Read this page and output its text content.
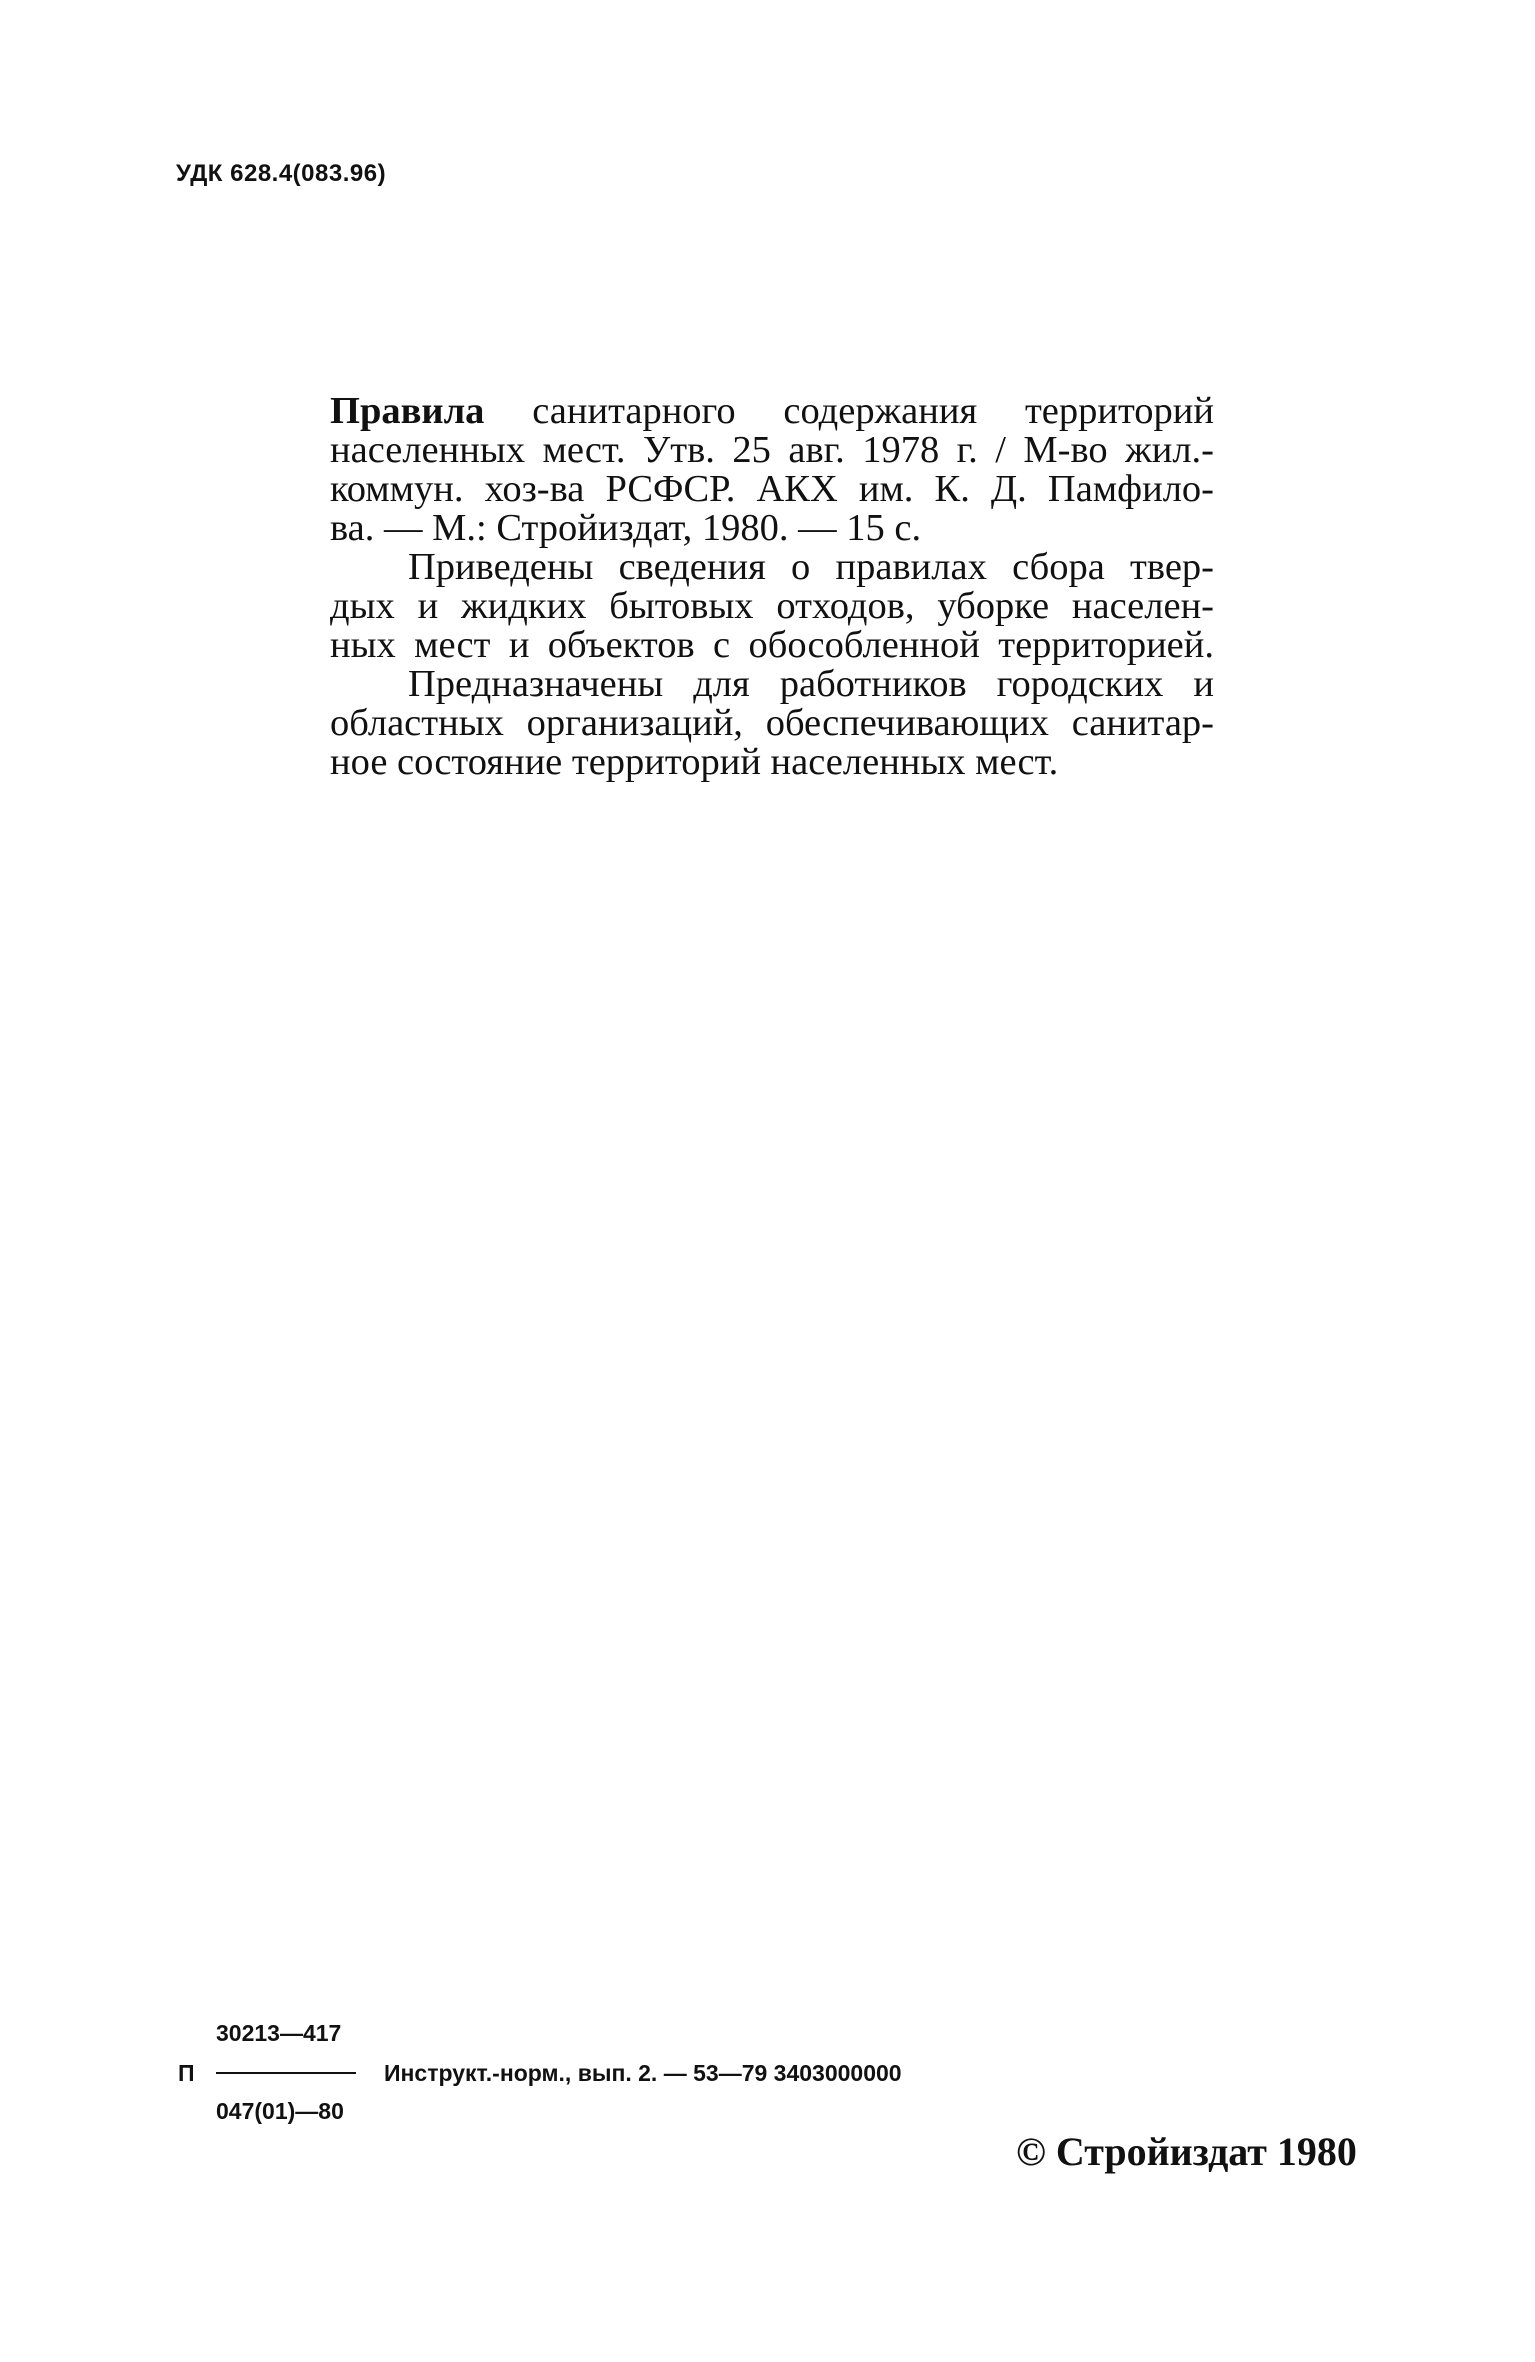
УДК 628.4(083.96)

Правила санитарного содержания территорий
населенных мест. Утв. 25 авг. 1978 г. / М-во жил.-
коммун. хоз-ва РСФСР. АКХ им. К. Д. Памфило-
ва. — М.: Стройиздат, 1980. — 15 с.

Приведены сведения о правилах сбора твер-
дых и жидких бытовых отходов, уборке населен-
ных мест и объектов с обособленной территорией.

Предназначены для работников городских и
областных организаций, обеспечивающих санитар-
ное состояние территорий населенных мест.

30213—417
П
047(01)—80
Инструкт.-норм., вып. 2. — 53—79 3403000000
© Стройиздат 1980
